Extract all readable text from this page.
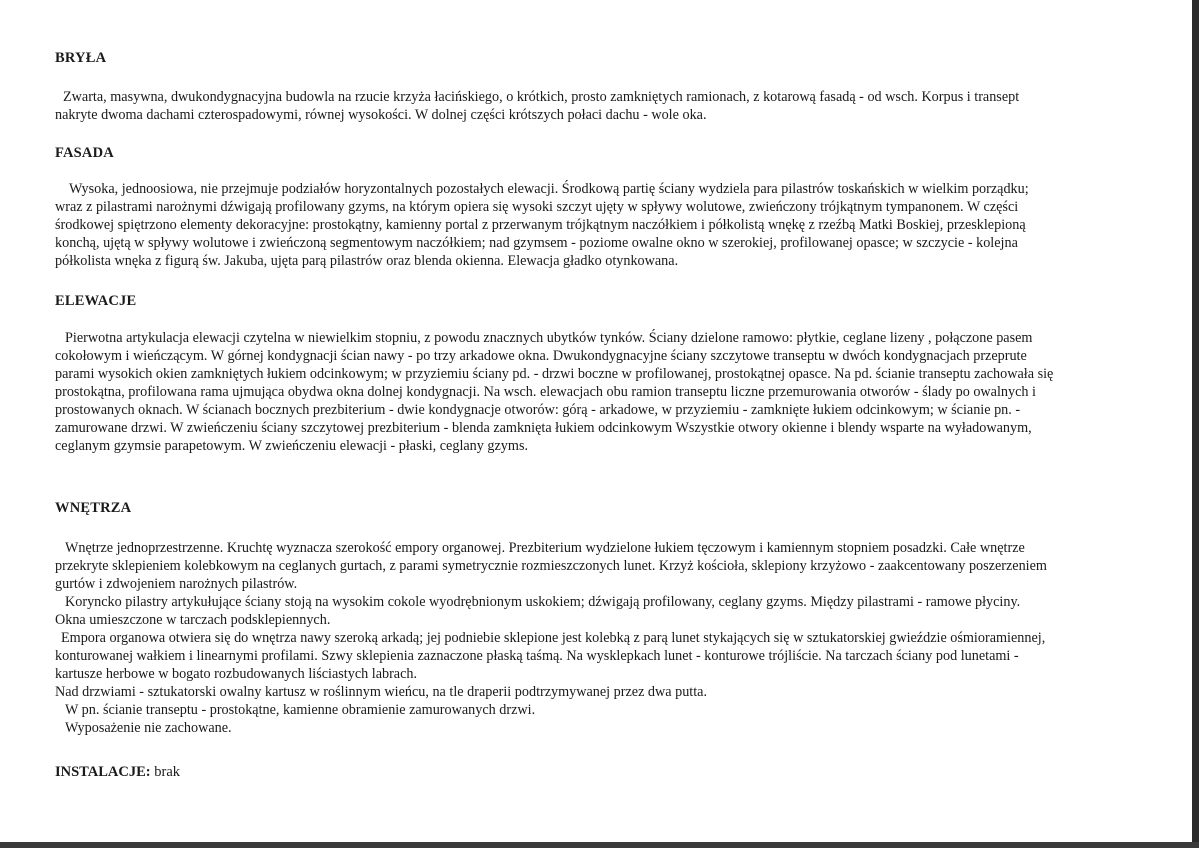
BRYŁA
Zwarta, masywna, dwukondygnacyjna budowla na rzucie krzyża łacińskiego, o krótkich, prosto zamkniętych ramionach, z kotarową fasadą - od wsch. Korpus i transept
nakryte dwoma dachami czterospadowymi, równej wysokości. W dolnej części krótszych połaci dachu - wole oka.
FASADA
Wysoka, jednoosiowa, nie przejmuje podziałów horyzontalnych pozostałych elewacji. Środkową partię ściany wydziela para pilastrów toskańskich w wielkim porządku;
wraz z pilastrami narożnymi dźwigają profilowany gzyms, na którym opiera się wysoki szczyt ujęty w spływy wolutowe, zwieńczony trójkątnym tympanonem. W części
środkowej spiętrzono elementy dekoracyjne: prostokątny, kamienny portal z przerwanym trójkątnym naczółkiem i półkolistą wnękę z rzeźbą Matki Boskiej, przesklepioną
konchą, ujętą w spływy wolutowe i zwieńczoną segmentowym naczółkiem; nad gzymsem - poziome owalne okno w szerokiej, profilowanej opasce; w szczycie - kolejna
półkolista wnęka z figurą św. Jakuba, ujęta parą pilastrów oraz blenda okienna. Elewacja gładko otynkowana.
ELEWACJE
Pierwotna artykulacja elewacji czytelna w niewielkim stopniu, z powodu znacznych ubytków tynków. Ściany dzielone ramowo: płytkie, ceglane lizeny , połączone pasem
cokołowym i wieńczącym. W górnej kondygnacji ścian nawy - po trzy arkadowe okna. Dwukondygnacyjne ściany szczytowe transeptu w dwóch kondygnacjach przeprute
parami wysokich okien zamkniętych łukiem odcinkowym; w przyziemiu ściany pd. - drzwi boczne w profilowanej, prostokątnej opasce. Na pd. ścianie transeptu zachowała się
prostokątna, profilowana rama ujmująca obydwa okna dolnej kondygnacji. Na wsch. elewacjach obu ramion transeptu liczne przemurowania otworów - ślady po owalnych i
prostowanych oknach. W ścianach bocznych prezbiterium - dwie kondygnacje otworów: górą - arkadowe, w przyziemiu - zamknięte łukiem odcinkowym; w ścianie pn. -
zamurowane drzwi. W zwieńczeniu ściany szczytowej prezbiterium - blenda zamknięta łukiem odcinkowym Wszystkie otwory okienne i blendy wsparte na wyładowanym,
ceglanym gzymsie parapetowym. W zwieńczeniu elewacji - płaski, ceglany gzyms.
WNĘTRZA
Wnętrze jednoprzestrzenne. Kruchtę wyznacza szerokość empory organowej. Prezbiterium wydzielone łukiem tęczowym i kamiennym stopniem posadzki. Całe wnętrze
przekryte sklepieniem kolebkowym na ceglanych gurtach, z parami symetrycznie rozmieszczonych lunet. Krzyż kościoła, sklepiony krzyżowo - zaakcentowany poszerzeniem
gurtów i zdwojeniem narożnych pilastrów.
Koryncko pilastry artykułujące ściany stoją na wysokim cokole wyodrębnionym uskokiem; dźwigają profilowany, ceglany gzyms. Między pilastrami - ramowe płyciny.
Okna umieszczone w tarczach podsklepiennych.
Empora organowa otwiera się do wnętrza nawy szeroką arkadą; jej podniebie sklepione jest kolebką z parą lunet stykających się w sztukatorskiej gwieździe ośmioramiennej,
konturowanej wałkiem i linearnymi profilami. Szwy sklepienia zaznaczone płaską taśmą. Na wysklepkach lunet - konturowe trójliście. Na tarczach ściany pod lunetami -
kartusze herbowe w bogato rozbudowanych liściastych labrach.
Nad drzwiami - sztukatorski owalny kartusz w roślinnym wieńcu, na tle draperii podtrzymywanej przez dwa putta.
W pn. ścianie transeptu - prostokątne, kamienne obramienie zamurowanych drzwi.
Wyposażenie nie zachowane.
INSTALACJE: brak
